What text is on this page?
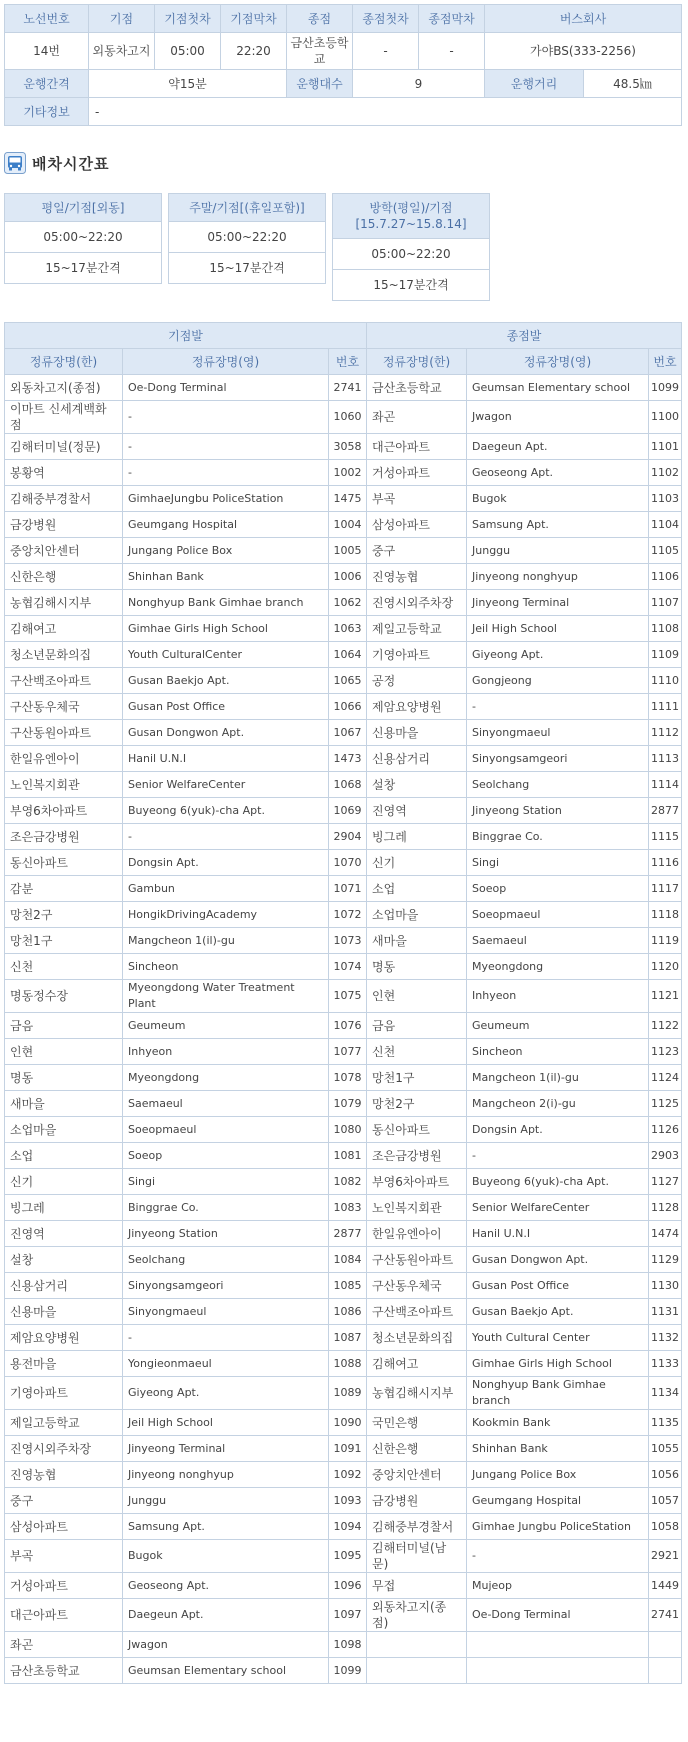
노선번호	기점	기점첫차	기점막차	종점	종점첫차	종점막차	버스회사
14번	외동차고지	05:00	22:20	금산초등학교	-	-	가야BS(333-2256)
운행간격	약15분			운행대수	9		운행거리 48.5㎞

기타정보	-						
배차시간표
평일/기점[외동]
05:00~22:20
15~17분간격
주말/기점[(휴일포함)]
05:00~22:20
15~17분간격
방학(평일)/기점
[15.7.27~15.8.14]
05:00~22:20
15~17분간격
기점발			종점발		
정류장명(한)	정류장명(영)	번호	정류장명(한)	정류장명(영)	번호
외동차고지(종점)	Oe-Dong Terminal	2741	금산초등학교	Geumsan Elementary school	1099
이마트 신세계백화점	-	1060	좌곤	Jwagon	1100
김해터미널(정문)	-	3058	대근아파트	Daegeun Apt.	1101
봉황역	-	1002	거성아파트	Geoseong Apt.	1102
김해중부경찰서	GimhaeJungbu PoliceStation	1475	부곡	Bugok	1103
금강병원	Geumgang Hospital	1004	삼성아파트	Samsung Apt.	1104
중앙치안센터	Jungang Police Box	1005	중구	Junggu	1105
신한은행	Shinhan Bank	1006	진영농협	Jinyeong nonghyup	1106
농협김해시지부	Nonghyup Bank Gimhae branch	1062	진영시외주차장	Jinyeong Terminal	1107
김해여고	Gimhae Girls High School	1063	제일고등학교	Jeil High School	1108
청소년문화의집	Youth CulturalCenter	1064	기영아파트	Giyeong Apt.	1109
구산백조아파트	Gusan Baekjo Apt.	1065	공정	Gongjeong	1110
구산동우체국	Gusan Post Office	1066	제암요양병원	-	1111
구산동원아파트	Gusan Dongwon Apt.	1067	신용마을	Sinyongmaeul	1112
한일유엔아이	Hanil U.N.I	1473	신용삼거리	Sinyongsamgeori	1113
노인복지회관	Senior WelfareCenter	1068	설창	Seolchang	1114
부영6차아파트	Buyeong 6(yuk)-cha Apt.	1069	진영역	Jinyeong Station	2877
조은금강병원	-	2904	빙그레	Binggrae Co.	1115
동신아파트	Dongsin Apt.	1070	신기	Singi	1116
감분	Gambun	1071	소업	Soeop	1117
망천2구	HongikDrivingAcademy	1072	소업마을	Soeopmaeul	1118
망천1구	Mangcheon 1(il)-gu	1073	새마을	Saemaeul	1119
신천	Sincheon	1074	명동	Myeongdong	1120
명동정수장	Myeongdong Water Treatment Plant	1075	인현	Inhyeon	1121
금음	Geumeum	1076	금음	Geumeum	1122
인현	Inhyeon	1077	신천	Sincheon	1123
명동	Myeongdong	1078	망천1구	Mangcheon 1(il)-gu	1124
새마을	Saemaeul	1079	망천2구	Mangcheon 2(i)-gu	1125
소업마을	Soeopmaeul	1080	동신아파트	Dongsin Apt.	1126
소업	Soeop	1081	조은금강병원	-	2903
신기	Singi	1082	부영6차아파트	Buyeong 6(yuk)-cha Apt.	1127
빙그레	Binggrae Co.	1083	노인복지회관	Senior WelfareCenter	1128
진영역	Jinyeong Station	2877	한일유엔아이	Hanil U.N.I	1474
설창	Seolchang	1084	구산동원아파트	Gusan Dongwon Apt.	1129
신용삼거리	Sinyongsamgeori	1085	구산동우체국	Gusan Post Office	1130
신용마을	Sinyongmaeul	1086	구산백조아파트	Gusan Baekjo Apt.	1131
제암요양병원	-	1087	청소년문화의집	Youth Cultural Center	1132
용전마을	Yongieonmaeul	1088	김해여고	Gimhae Girls High School	1133
기영아파트	Giyeong Apt.	1089	농협김해시지부	Nonghyup Bank Gimhae branch	1134
제일고등학교	Jeil High School	1090	국민은행	Kookmin Bank	1135
진영시외주차장	Jinyeong Terminal	1091	신한은행	Shinhan Bank	1055
진영농협	Jinyeong nonghyup	1092	중앙치안센터	Jungang Police Box	1056
중구	Junggu	1093	금강병원	Geumgang Hospital	1057
삼성아파트	Samsung Apt.	1094	김해중부경찰서	Gimhae Jungbu PoliceStation	1058
부곡	Bugok	1095	김해터미널(남문)	-	2921
거성아파트	Geoseong Apt.	1096	무접	Mujeop	1449
대근아파트	Daegeun Apt.	1097	외동차고지(종점)	Oe-Dong Terminal	2741
좌곤	Jwagon	1098			
금산초등학교	Geumsan Elementary school	1099			
